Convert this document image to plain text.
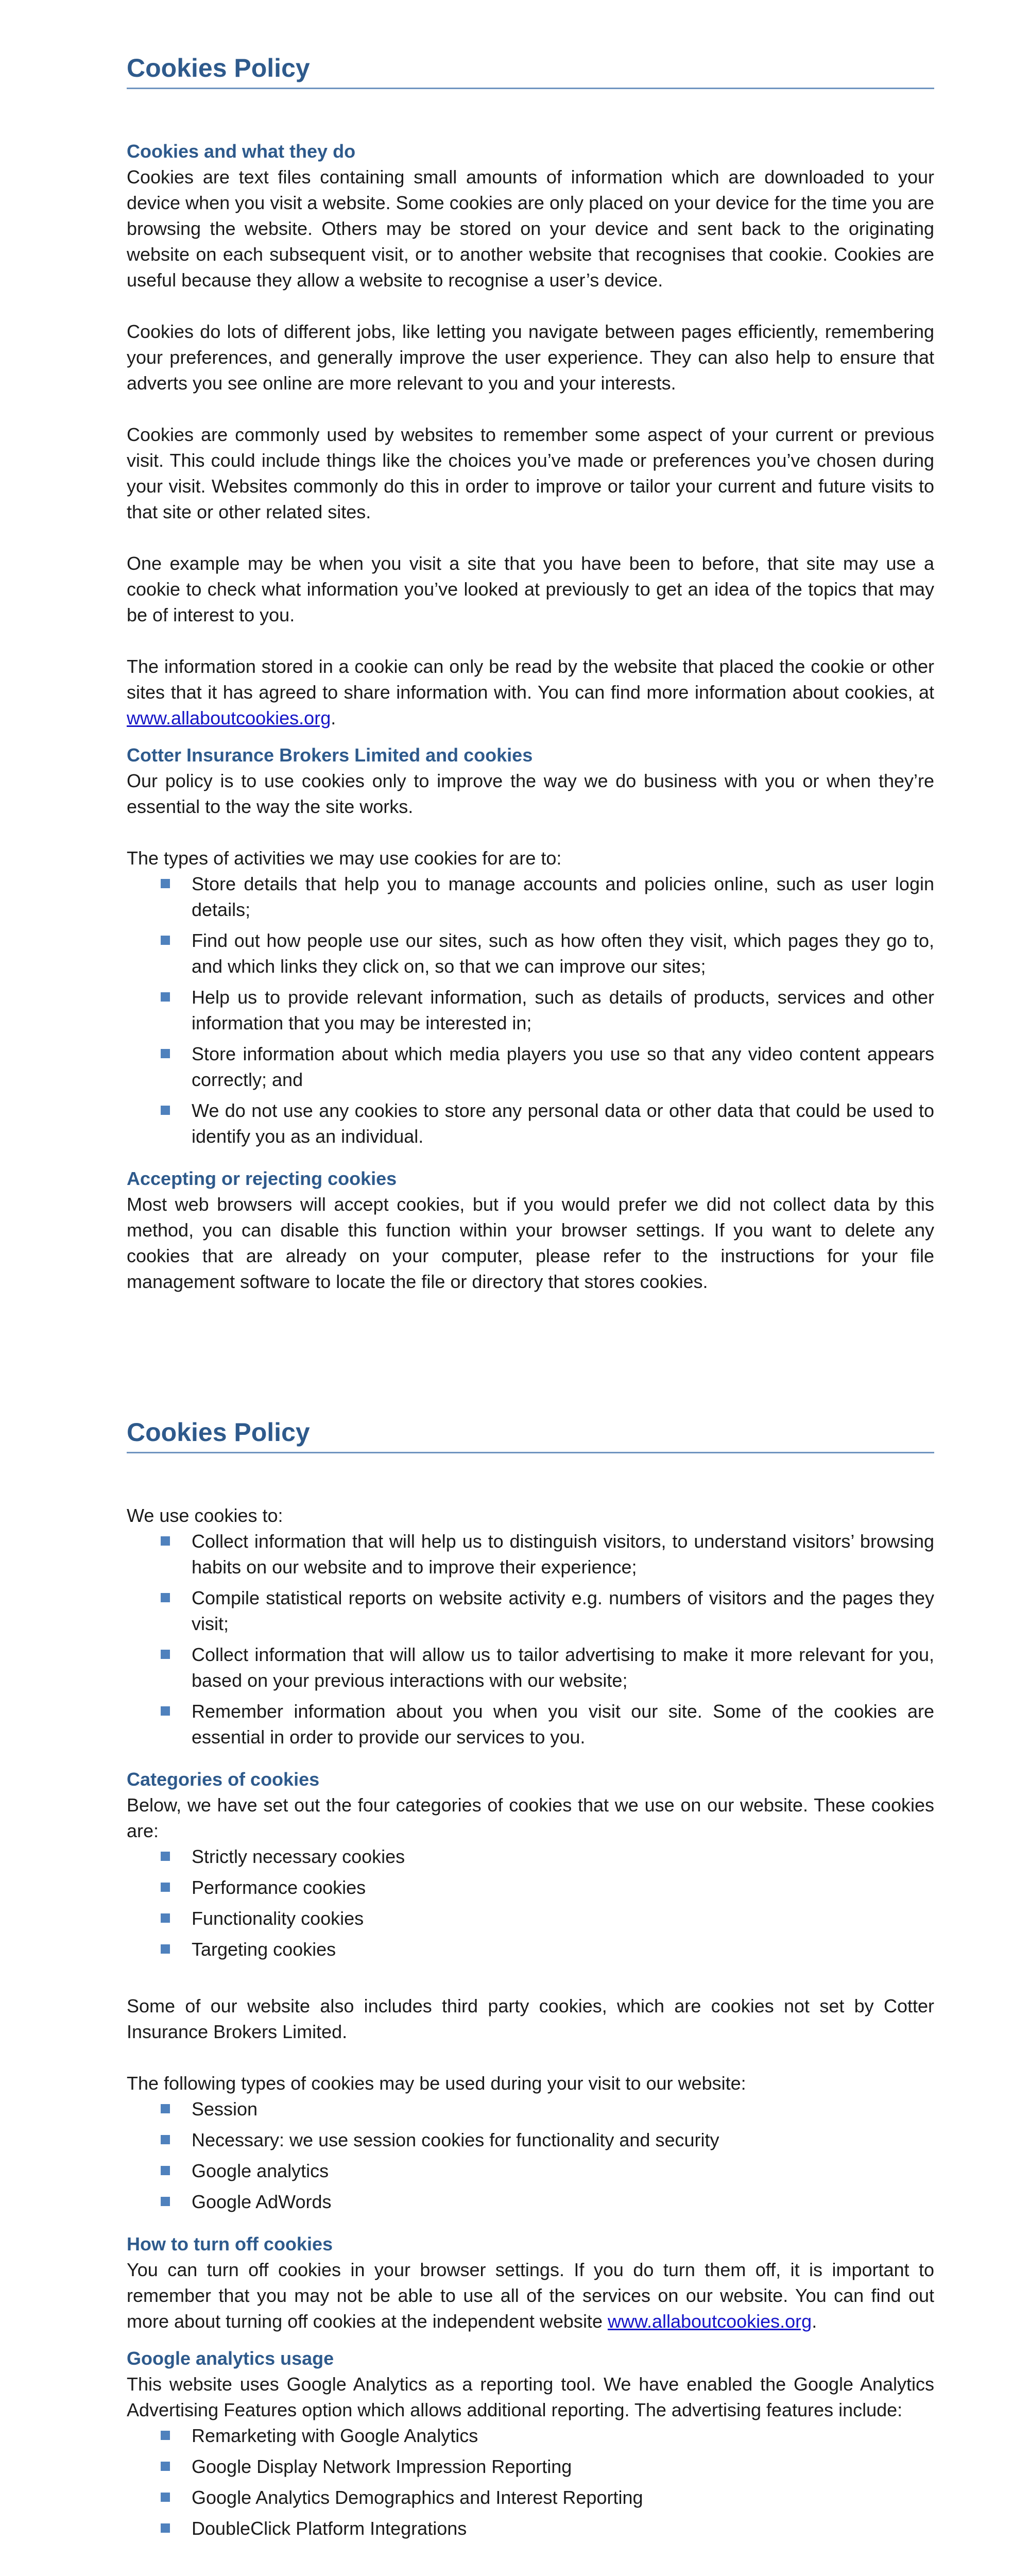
Cookies Policy
Cookies and what they do

Cookies are text files containing small amounts of information which are downloaded to your device when you visit a website. Some cookies are only placed on your device for the time you are browsing the website. Others may be stored on your device and sent back to the originating website on each subsequent visit, or to another website that recognises that cookie. Cookies are useful because they allow a website to recognise a user’s device.

Cookies do lots of different jobs, like letting you navigate between pages efficiently, remembering your preferences, and generally improve the user experience. They can also help to ensure that adverts you see online are more relevant to you and your interests.

Cookies are commonly used by websites to remember some aspect of your current or previous visit. This could include things like the choices you’ve made or preferences you’ve chosen during your visit. Websites commonly do this in order to improve or tailor your current and future visits to that site or other related sites.

One example may be when you visit a site that you have been to before, that site may use a cookie to check what information you’ve looked at previously to get an idea of the topics that may be of interest to you.

The information stored in a cookie can only be read by the website that placed the cookie or other sites that it has agreed to share information with. You can find more information about cookies, at www.allaboutcookies.org.

Cotter Insurance Brokers Limited and cookies

Our policy is to use cookies only to improve the way we do business with you or when they’re essential to the way the site works.

The types of activities we may use cookies for are to:

Store details that help you to manage accounts and policies online, such as user login details;
Find out how people use our sites, such as how often they visit, which pages they go to, and which links they click on, so that we can improve our sites;
Help us to provide relevant information, such as details of products, services and other information that you may be interested in;
Store information about which media players you use so that any video content appears correctly; and
We do not use any cookies to store any personal data or other data that could be used to identify you as an individual.
Accepting or rejecting cookies

Most web browsers will accept cookies, but if you would prefer we did not collect data by this method, you can disable this function within your browser settings. If you want to delete any cookies that are already on your computer, please refer to the instructions for your file management software to locate the file or directory that stores cookies.

Cookies Policy

We use cookies to:

Collect information that will help us to distinguish visitors, to understand visitors’ browsing habits on our website and to improve their experience;
Compile statistical reports on website activity e.g. numbers of visitors and the pages they visit;
Collect information that will allow us to tailor advertising to make it more relevant for you, based on your previous interactions with our website;
Remember information about you when you visit our site. Some of the cookies are essential in order to provide our services to you.
Categories of cookies

Below, we have set out the four categories of cookies that we use on our website. These cookies are:

Strictly necessary cookies
Performance cookies
Functionality cookies
Targeting cookies

Some of our website also includes third party cookies, which are cookies not set by Cotter Insurance Brokers Limited.

The following types of cookies may be used during your visit to our website:

Session
Necessary: we use session cookies for functionality and security
Google analytics
Google AdWords
How to turn off cookies

You can turn off cookies in your browser settings. If you do turn them off, it is important to remember that you may not be able to use all of the services on our website. You can find out more about turning off cookies at the independent website www.allaboutcookies.org.

Google analytics usage

This website uses Google Analytics as a reporting tool. We have enabled the Google Analytics Advertising Features option which allows additional reporting. The advertising features include:

Remarketing with Google Analytics
Google Display Network Impression Reporting
Google Analytics Demographics and Interest Reporting
DoubleClick Platform Integrations
